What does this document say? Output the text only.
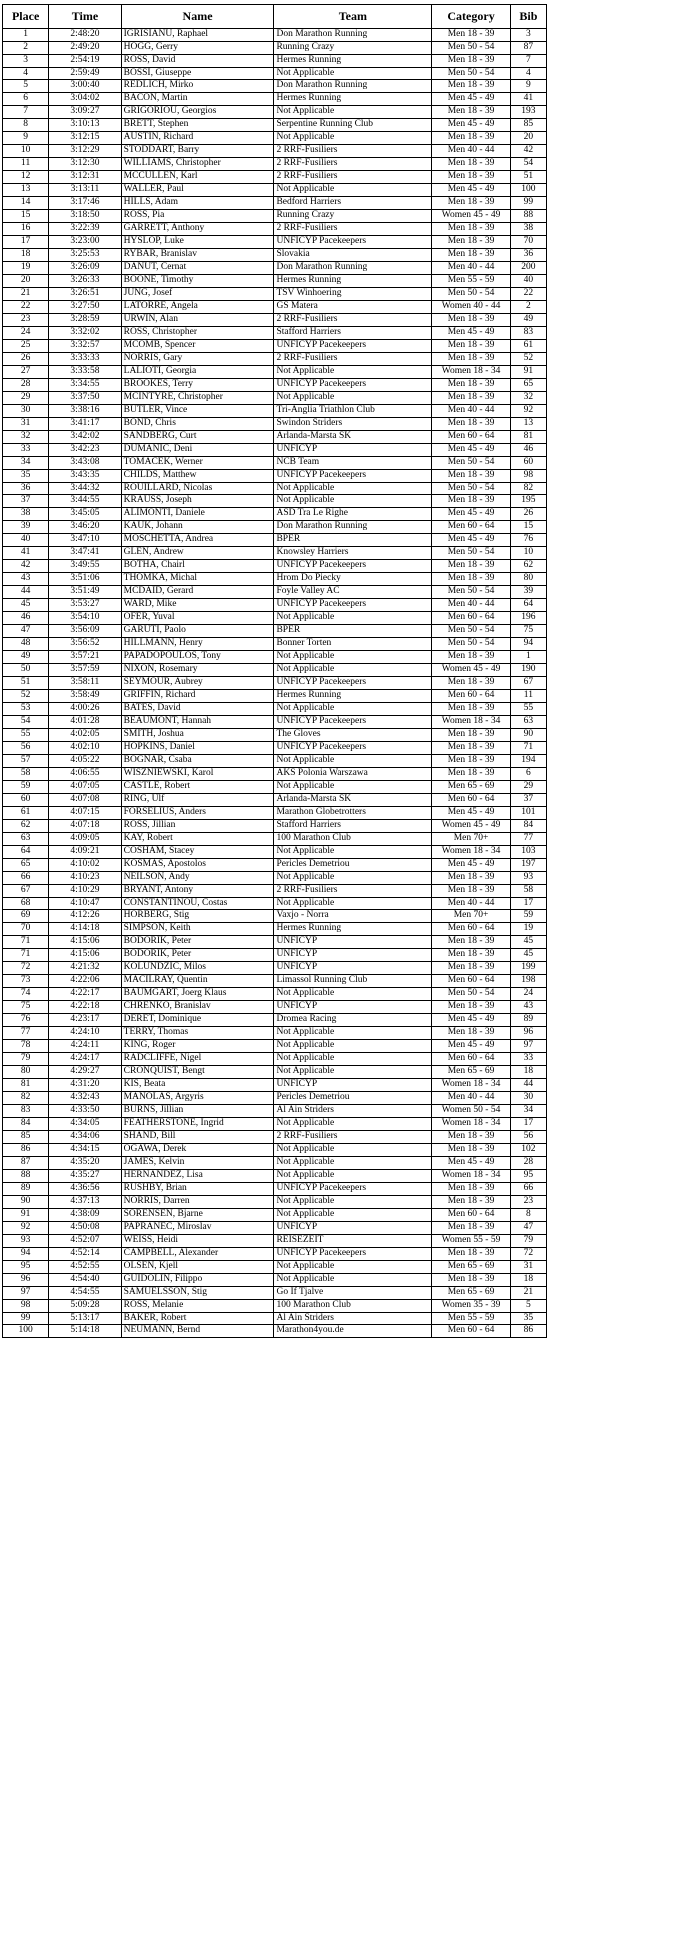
Place	Time	Name	Team	Category	Bib
1	2:48:20	IGRISIANU, Raphael	Don Marathon Running	Men 18 - 39	3
2	2:49:20	HOGG, Gerry	Running Crazy	Men 50 - 54	87
3	2:54:19	ROSS, David	Hermes Running	Men 18 - 39	7
4	2:59:49	BOSSI, Giuseppe	Not Applicable	Men 50 - 54	4
5	3:00:40	REDLICH, Mirko	Don Marathon Running	Men 18 - 39	9
6	3:04:02	BACON, Martin	Hermes Running	Men 45 - 49	41
7	3:09:27	GRIGORIOU, Georgios	Not Applicable	Men 18 - 39	193
8	3:10:13	BRETT, Stephen	Serpentine Running Club	Men 45 - 49	85
9	3:12:15	AUSTIN, Richard	Not Applicable	Men 18 - 39	20
10	3:12:29	STODDART, Barry	2 RRF-Fusiliers	Men 40 - 44	42
11	3:12:30	WILLIAMS, Christopher	2 RRF-Fusiliers	Men 18 - 39	54
12	3:12:31	MCCULLEN, Karl	2 RRF-Fusiliers	Men 18 - 39	51
13	3:13:11	WALLER, Paul	Not Applicable	Men 45 - 49	100
14	3:17:46	HILLS, Adam	Bedford Harriers	Men 18 - 39	99
15	3:18:50	ROSS, Pia	Running Crazy	Women 45 - 49	88
16	3:22:39	GARRETT, Anthony	2 RRF-Fusiliers	Men 18 - 39	38
17	3:23:00	HYSLOP, Luke	UNFICYP Pacekeepers	Men 18 - 39	70
18	3:25:53	RYBAR, Branislav	Slovakia	Men 18 - 39	36
19	3:26:09	DANUT, Cernat	Don Marathon Running	Men 40 - 44	200
20	3:26:33	BOONE, Timothy	Hermes Running	Men 55 - 59	40
21	3:26:51	JUNG, Josef	TSV Winhoering	Men 50 - 54	22
22	3:27:50	LATORRE, Angela	GS Matera	Women 40 - 44	2
23	3:28:59	URWIN, Alan	2 RRF-Fusiliers	Men 18 - 39	49
24	3:32:02	ROSS, Christopher	Stafford Harriers	Men 45 - 49	83
25	3:32:57	MCOMB, Spencer	UNFICYP Pacekeepers	Men 18 - 39	61
26	3:33:33	NORRIS, Gary	2 RRF-Fusiliers	Men 18 - 39	52
27	3:33:58	LALIOTI, Georgia	Not Applicable	Women 18 - 34	91
28	3:34:55	BROOKES, Terry	UNFICYP Pacekeepers	Men 18 - 39	65
29	3:37:50	MCINTYRE, Christopher	Not Applicable	Men 18 - 39	32
30	3:38:16	BUTLER, Vince	Tri-Anglia Triathlon Club	Men 40 - 44	92
31	3:41:17	BOND, Chris	Swindon Striders	Men 18 - 39	13
32	3:42:02	SANDBERG, Curt	Arlanda-Marsta SK	Men 60 - 64	81
33	3:42:23	DUMANIC, Deni	UNFICYP	Men 45 - 49	46
34	3:43:08	TOMACEK, Werner	NCB Team	Men 50 - 54	60
35	3:43:35	CHILDS, Matthew	UNFICYP Pacekeepers	Men 18 - 39	98
36	3:44:32	ROUILLARD, Nicolas	Not Applicable	Men 50 - 54	82
37	3:44:55	KRAUSS, Joseph	Not Applicable	Men 18 - 39	195
38	3:45:05	ALIMONTI, Daniele	ASD Tra Le Righe	Men 45 - 49	26
39	3:46:20	KAUK, Johann	Don Marathon Running	Men 60 - 64	15
40	3:47:10	MOSCHETTA, Andrea	BPER	Men 45 - 49	76
41	3:47:41	GLEN, Andrew	Knowsley Harriers	Men 50 - 54	10
42	3:49:55	BOTHA, Chairl	UNFICYP Pacekeepers	Men 18 - 39	62
43	3:51:06	THOMKA, Michal	Hrom Do Piecky	Men 18 - 39	80
44	3:51:49	MCDAID, Gerard	Foyle Valley AC	Men 50 - 54	39
45	3:53:27	WARD, Mike	UNFICYP Pacekeepers	Men 40 - 44	64
46	3:54:10	OFER, Yuval	Not Applicable	Men 60 - 64	196
47	3:56:09	GARUTI, Paolo	BPER	Men 50 - 54	75
48	3:56:52	HILLMANN, Henry	Bonner Torten	Men 50 - 54	94
49	3:57:21	PAPADOPOULOS, Tony	Not Applicable	Men 18 - 39	1
50	3:57:59	NIXON, Rosemary	Not Applicable	Women 45 - 49	190
51	3:58:11	SEYMOUR, Aubrey	UNFICYP Pacekeepers	Men 18 - 39	67
52	3:58:49	GRIFFIN, Richard	Hermes Running	Men 60 - 64	11
53	4:00:26	BATES, David	Not Applicable	Men 18 - 39	55
54	4:01:28	BEAUMONT, Hannah	UNFICYP Pacekeepers	Women 18 - 34	63
55	4:02:05	SMITH, Joshua	The Gloves	Men 18 - 39	90
56	4:02:10	HOPKINS, Daniel	UNFICYP Pacekeepers	Men 18 - 39	71
57	4:05:22	BOGNAR, Csaba	Not Applicable	Men 18 - 39	194
58	4:06:55	WISZNIEWSKI, Karol	AKS Polonia Warszawa	Men 18 - 39	6
59	4:07:05	CASTLE, Robert	Not Applicable	Men 65 - 69	29
60	4:07:08	RING, Ulf	Arlanda-Marsta SK	Men 60 - 64	37
61	4:07:15	FORSELIUS, Anders	Marathon Globetrotters	Men 45 - 49	101
62	4:07:18	ROSS, Jillian	Stafford Harriers	Women 45 - 49	84
63	4:09:05	KAY, Robert	100 Marathon Club	Men 70+	77
64	4:09:21	COSHAM, Stacey	Not Applicable	Women 18 - 34	103
65	4:10:02	KOSMAS, Apostolos	Pericles Demetriou	Men 45 - 49	197
66	4:10:23	NEILSON, Andy	Not Applicable	Men 18 - 39	93
67	4:10:29	BRYANT, Antony	2 RRF-Fusiliers	Men 18 - 39	58
68	4:10:47	CONSTANTINOU, Costas	Not Applicable	Men 40 - 44	17
69	4:12:26	HORBERG, Stig	Vaxjo - Norra	Men 70+	59
70	4:14:18	SIMPSON, Keith	Hermes Running	Men 60 - 64	19
71	4:15:06	BODORIK, Peter	UNFICYP	Men 18 - 39	45
71	4:15:06	BODORIK, Peter	UNFICYP	Men 18 - 39	45
72	4:21:32	KOLUNDZIC, Milos	UNFICYP	Men 18 - 39	199
73	4:22:06	MACILRAY, Quentin	Limassol Running Club	Men 60 - 64	198
74	4:22:17	BAUMGART, Joerg Klaus	Not Applicable	Men 50 - 54	24
75	4:22:18	CHRENKO, Branislav	UNFICYP	Men 18 - 39	43
76	4:23:17	DERET, Dominique	Dromea Racing	Men 45 - 49	89
77	4:24:10	TERRY, Thomas	Not Applicable	Men 18 - 39	96
78	4:24:11	KING, Roger	Not Applicable	Men 45 - 49	97
79	4:24:17	RADCLIFFE, Nigel	Not Applicable	Men 60 - 64	33
80	4:29:27	CRONQUIST, Bengt	Not Applicable	Men 65 - 69	18
81	4:31:20	KIS, Beata	UNFICYP	Women 18 - 34	44
82	4:32:43	MANOLAS, Argyris	Pericles Demetriou	Men 40 - 44	30
83	4:33:50	BURNS, Jillian	Al Ain Striders	Women 50 - 54	34
84	4:34:05	FEATHERSTONE, Ingrid	Not Applicable	Women 18 - 34	17
85	4:34:06	SHAND, Bill	2 RRF-Fusiliers	Men 18 - 39	56
86	4:34:15	OGAWA, Derek	Not Applicable	Men 18 - 39	102
87	4:35:20	JAMES, Kelvin	Not Applicable	Men 45 - 49	28
88	4:35:27	HERNANDEZ, Lisa	Not Applicable	Women 18 - 34	95
89	4:36:56	RUSHBY, Brian	UNFICYP Pacekeepers	Men 18 - 39	66
90	4:37:13	NORRIS, Darren	Not Applicable	Men 18 - 39	23
91	4:38:09	SORENSEN, Bjarne	Not Applicable	Men 60 - 64	8
92	4:50:08	PAPRANEC, Miroslav	UNFICYP	Men 18 - 39	47
93	4:52:07	WEISS, Heidi	REISEZEIT	Women 55 - 59	79
94	4:52:14	CAMPBELL, Alexander	UNFICYP Pacekeepers	Men 18 - 39	72
95	4:52:55	OLSEN, Kjell	Not Applicable	Men 65 - 69	31
96	4:54:40	GUIDOLIN, Filippo	Not Applicable	Men 18 - 39	18
97	4:54:55	SAMUELSSON, Stig	Go If Tjalve	Men 65 - 69	21
98	5:09:28	ROSS, Melanie	100 Marathon Club	Women 35 - 39	5
99	5:13:17	BAKER, Robert	Al Ain Striders	Men 55 - 59	35
100	5:14:18	NEUMANN, Bernd	Marathon4you.de	Men 60 - 64	86
